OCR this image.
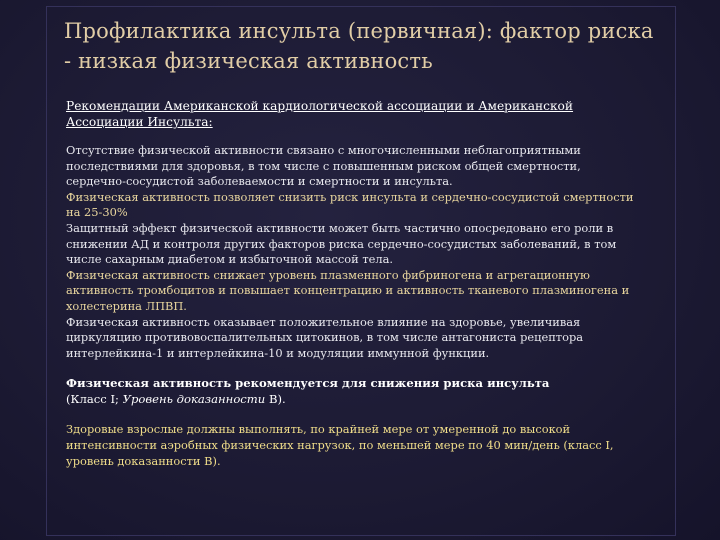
Профилактика инсульта (первичная): фактор риска - низкая физическая активность

Рекомендации Американской кардиологической ассоциации и Американской Ассоциации Инсульта:

Отсутствие физической активности связано с многочисленными неблагоприятными последствиями для здоровья, в том числе с повышенным риском общей смертности, сердечно-сосудистой заболеваемости и смертности и инсульта.

Физическая активность позволяет снизить риск инсульта и сердечно-сосудистой смертности на 25-30%

Защитный эффект физической активности может быть частично опосредовано его роли в снижении АД и контроля других факторов риска сердечно-сосудистых заболеваний, в том числе сахарным диабетом и избыточной массой тела.

Физическая активность снижает уровень плазменного фибриногена и агрегационную активность тромбоцитов и повышает концентрацию и активность тканевого плазминогена и холестерина ЛПВП.

Физическая активность оказывает положительное влияние на здоровье, увеличивая циркуляцию противовоспалительных цитокинов, в том числе антагониста рецептора интерлейкина-1 и интерлейкина-10 и модуляции иммунной функции.

Физическая активность рекомендуется для снижения риска инсульта
(Класс I; Уровень доказанности В).

Здоровые взрослые должны выполнять, по крайней мере от умеренной до высокой интенсивности аэробных физических нагрузок, по меньшей мере по 40 мин/день (класс I, уровень доказанности B).
